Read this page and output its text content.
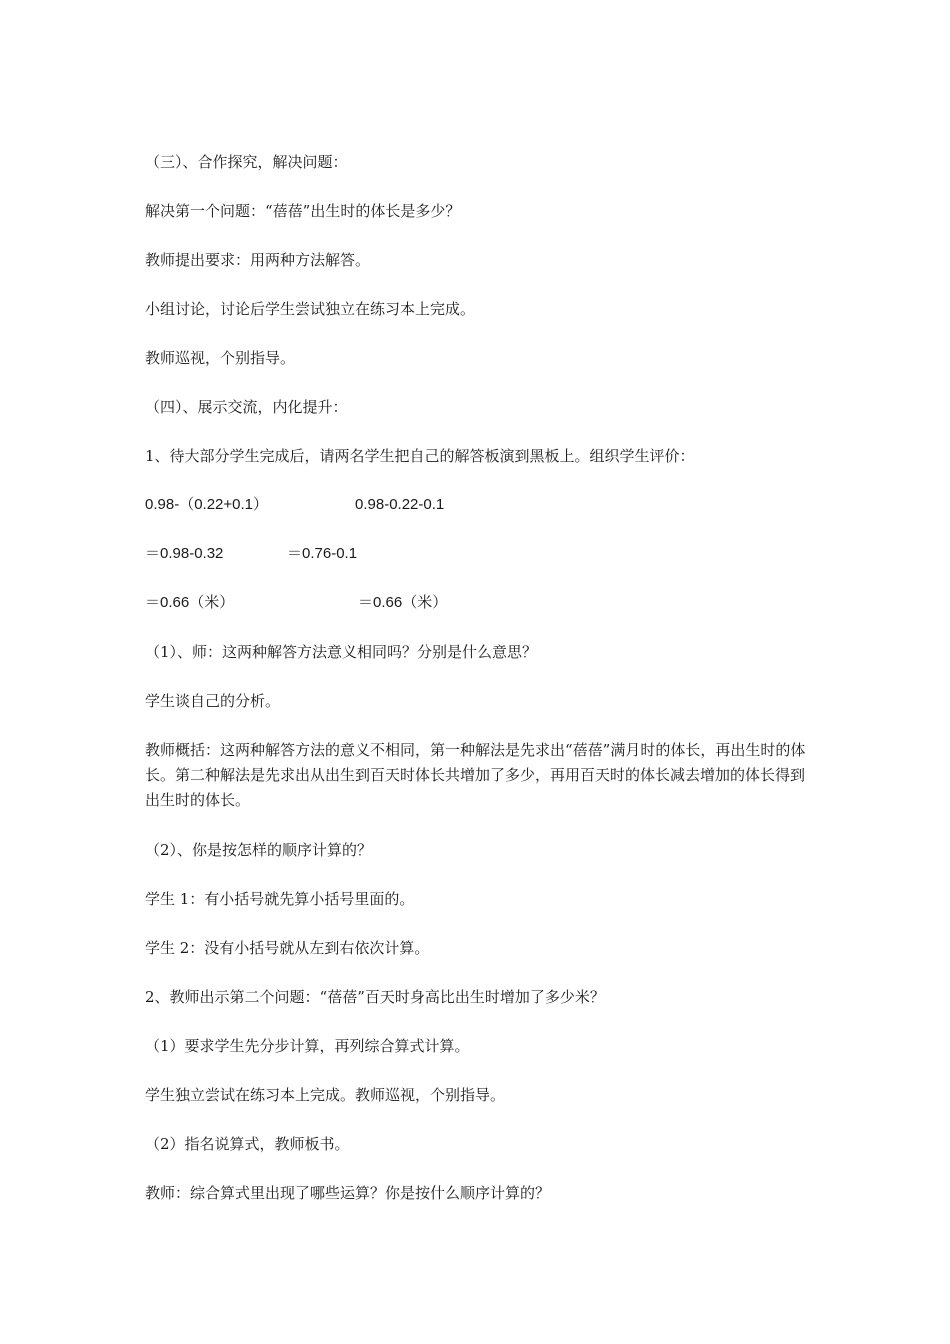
（三）、合作探究，解决问题：

解决第一个问题：“蓓蓓”出生时的体长是多少？

教师提出要求：用两种方法解答。

小组讨论，讨论后学生尝试独立在练习本上完成。

教师巡视，个别指导。

（四）、展示交流，内化提升：

1、待大部分学生完成后，请两名学生把自己的解答板演到黑板上。组织学生评价：

0.98-（0.22+0.1）	0.98-0.22-0.1
＝0.98-0.32	＝0.76-0.1
＝0.66（米）	＝0.66（米）

（1）、师：这两种解答方法意义相同吗？分别是什么意思？

学生谈自己的分析。

教师概括：这两种解答方法的意义不相同，第一种解法是先求出“蓓蓓”满月时的体长，再出生时的体长。第二种解法是先求出从出生到百天时体长共增加了多少，再用百天时的体长减去增加的体长得到出生时的体长。

（2）、你是按怎样的顺序计算的？

学生 1：有小括号就先算小括号里面的。

学生 2：没有小括号就从左到右依次计算。

2、教师出示第二个问题：“蓓蓓”百天时身高比出生时增加了多少米？

（1）要求学生先分步计算，再列综合算式计算。

学生独立尝试在练习本上完成。教师巡视，个别指导。

（2）指名说算式，教师板书。

教师：综合算式里出现了哪些运算？你是按什么顺序计算的？
